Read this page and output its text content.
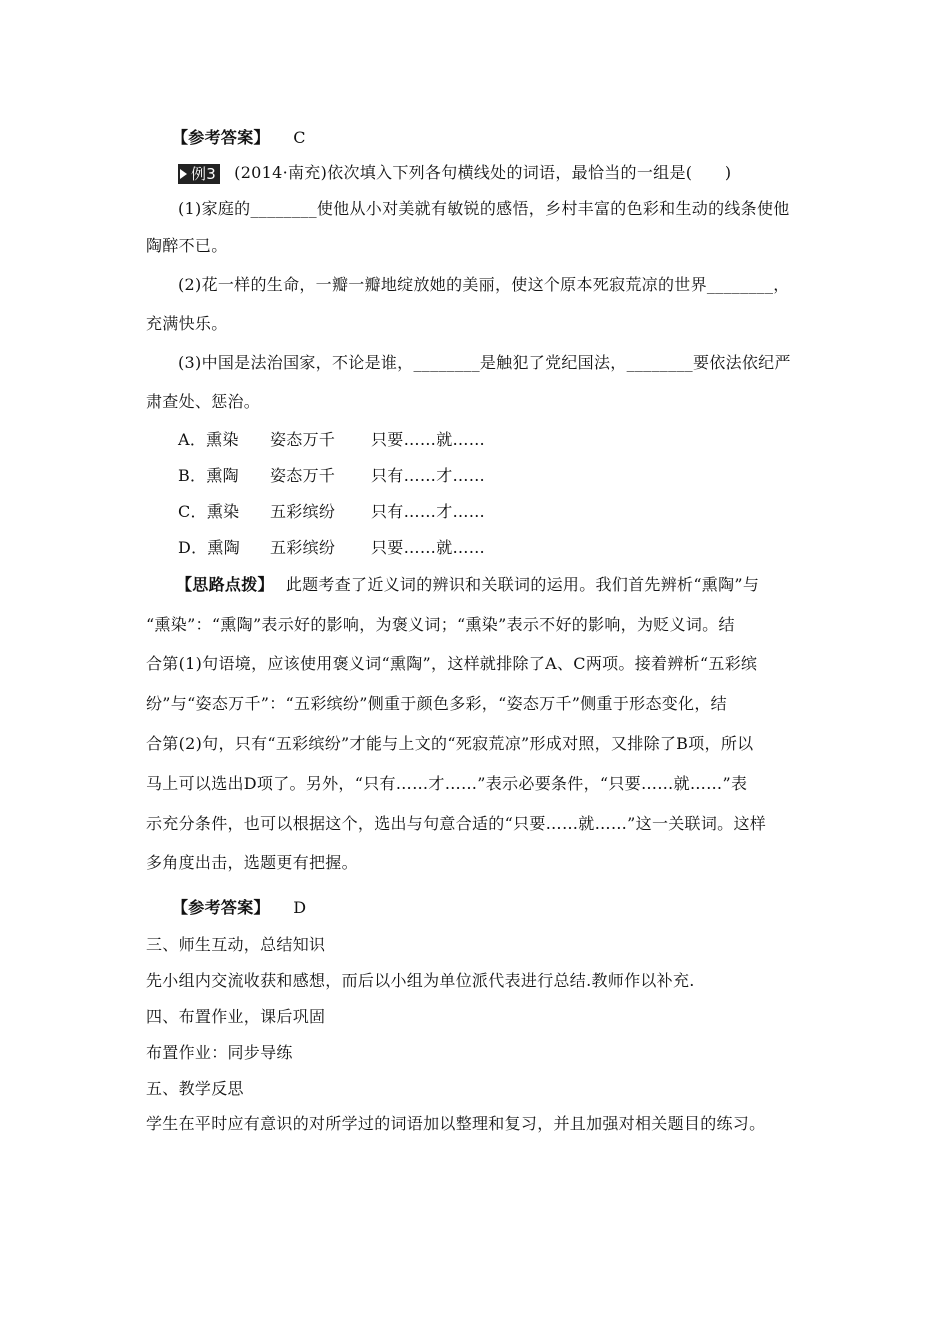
【参考答案】 C
例3 (2014·南充)依次填入下列各句横线处的词语，最恰当的一组是(　　)
(1)家庭的________使他从小对美就有敏锐的感悟，乡村丰富的色彩和生动的线条使他
陶醉不已。
(2)花一样的生命，一瓣一瓣地绽放她的美丽，使这个原本死寂荒凉的世界________，
充满快乐。
(3)中国是法治国家，不论是谁，________是触犯了党纪国法，________要依法依纪严
肃查处、惩治。
A．熏染 姿态万千 只要……就……
B．熏陶 姿态万千 只有……才……
C．熏染 五彩缤纷 只有……才……
D．熏陶 五彩缤纷 只要……就……
【思路点拨】 此题考查了近义词的辨识和关联词的运用。我们首先辨析“熏陶”与
“熏染”：“熏陶”表示好的影响，为褒义词；“熏染”表示不好的影响，为贬义词。结
合第(1)句语境，应该使用褒义词“熏陶”，这样就排除了A、C两项。接着辨析“五彩缤
纷”与“姿态万千”：“五彩缤纷”侧重于颜色多彩，“姿态万千”侧重于形态变化，结
合第(2)句，只有“五彩缤纷”才能与上文的“死寂荒凉”形成对照，又排除了B项，所以
马上可以选出D项了。另外，“只有……才……”表示必要条件，“只要……就……”表
示充分条件，也可以根据这个，选出与句意合适的“只要……就……”这一关联词。这样
多角度出击，选题更有把握。
【参考答案】 D
三、师生互动，总结知识
先小组内交流收获和感想，而后以小组为单位派代表进行总结.教师作以补充.
四、布置作业，课后巩固
布置作业：同步导练
五、教学反思
学生在平时应有意识的对所学过的词语加以整理和复习，并且加强对相关题目的练习。
